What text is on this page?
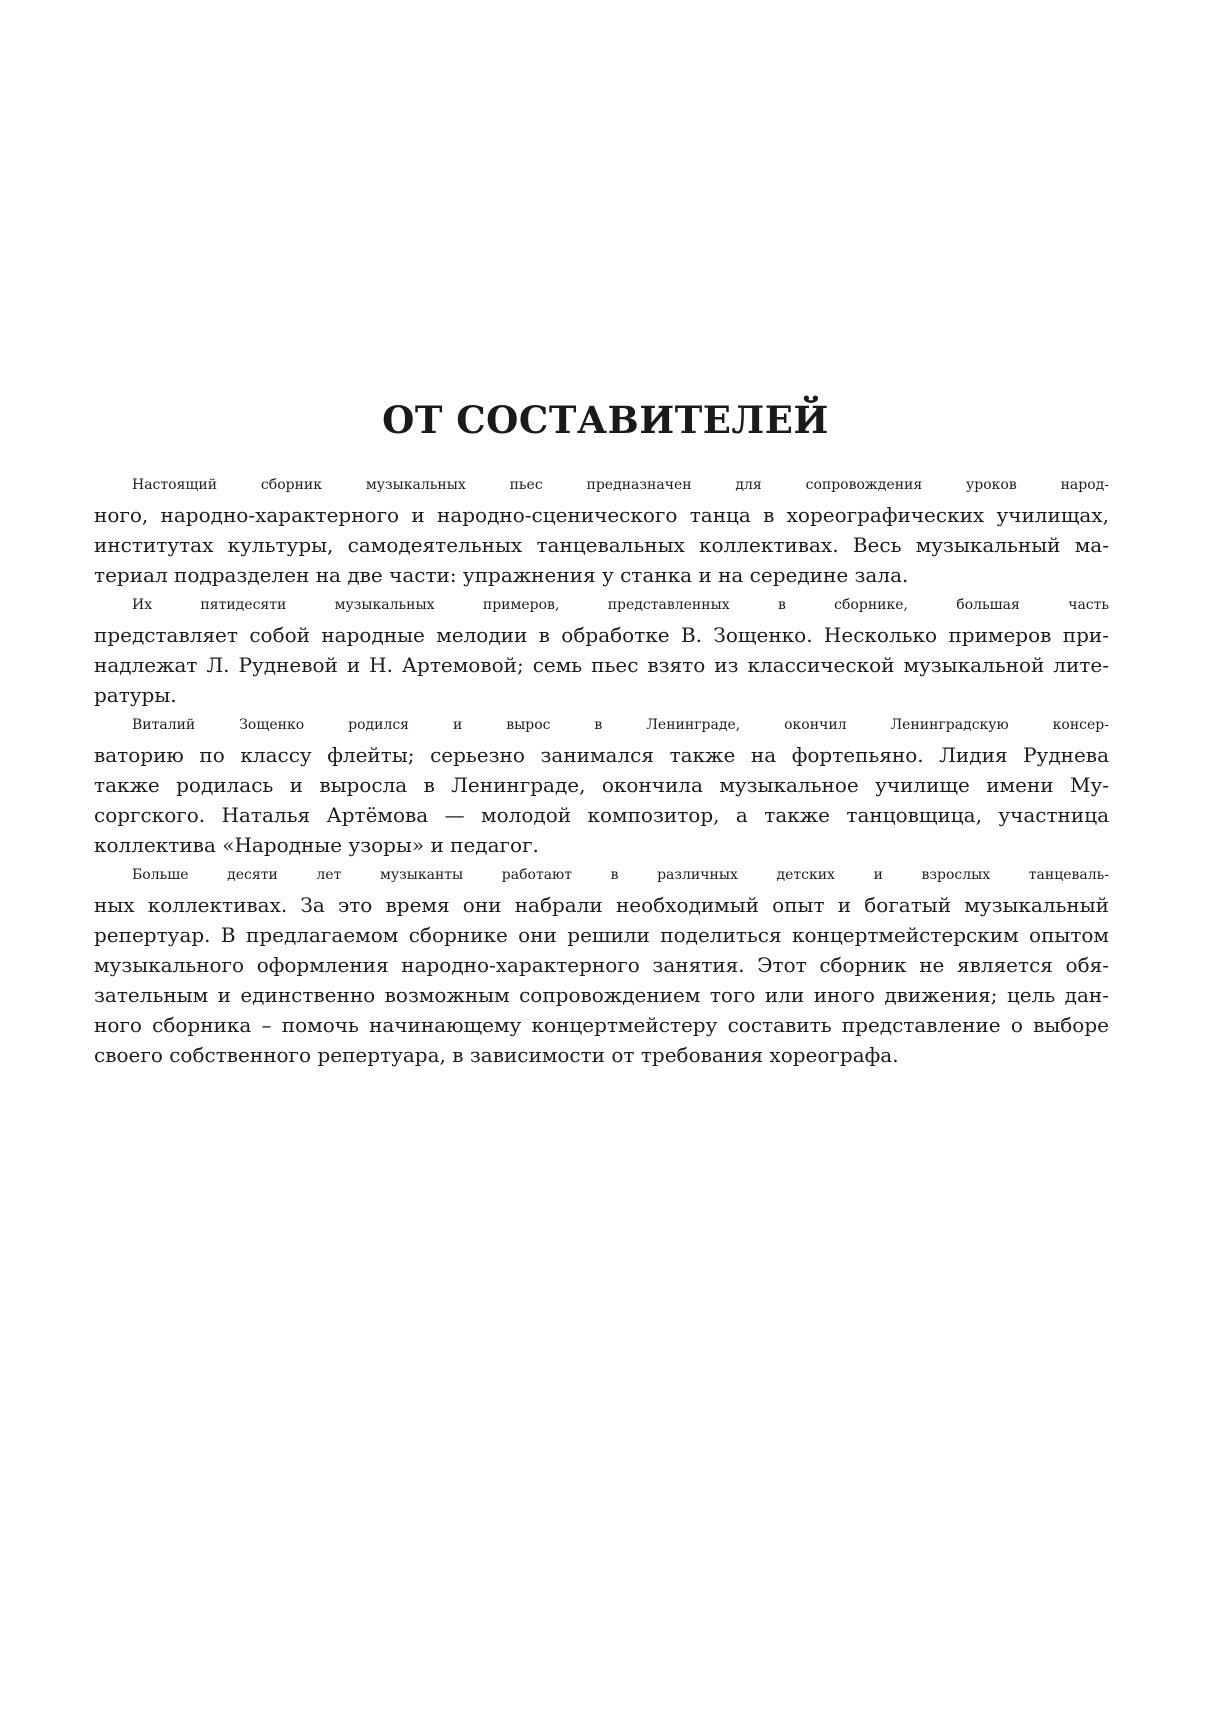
ОТ СОСТАВИТЕЛЕЙ

Настоящий сборник музыкальных пьес предназначен для сопровождения уроков народ-
ного, народно-характерного и народно-сценического танца в хореографических училищах,
институтах культуры, самодеятельных танцевальных коллективах. Весь музыкальный ма-
териал подразделен на две части: упражнения у станка и на середине зала.

Их пятидесяти музыкальных примеров, представленных в сборнике, большая часть
представляет собой народные мелодии в обработке В. Зощенко. Несколько примеров при-
надлежат Л. Рудневой и Н. Артемовой; семь пьес взято из классической музыкальной лите-
ратуры.

Виталий Зощенко родился и вырос в Ленинграде, окончил Ленинградскую консер-
ваторию по классу флейты; серьезно занимался также на фортепьяно. Лидия Руднева
также родилась и выросла в Ленинграде, окончила музыкальное училище имени Му-
соргского. Наталья Артёмова — молодой композитор, а также танцовщица, участница
коллектива «Народные узоры» и педагог.

Больше десяти лет музыканты работают в различных детских и взрослых танцеваль-
ных коллективах. За это время они набрали необходимый опыт и богатый музыкальный
репертуар. В предлагаемом сборнике они решили поделиться концертмейстерским опытом
музыкального оформления народно-характерного занятия. Этот сборник не является обя-
зательным и единственно возможным сопровождением того или иного движения; цель дан-
ного сборника – помочь начинающему концертмейстеру составить представление о выборе
своего собственного репертуара, в зависимости от требования хореографа.
